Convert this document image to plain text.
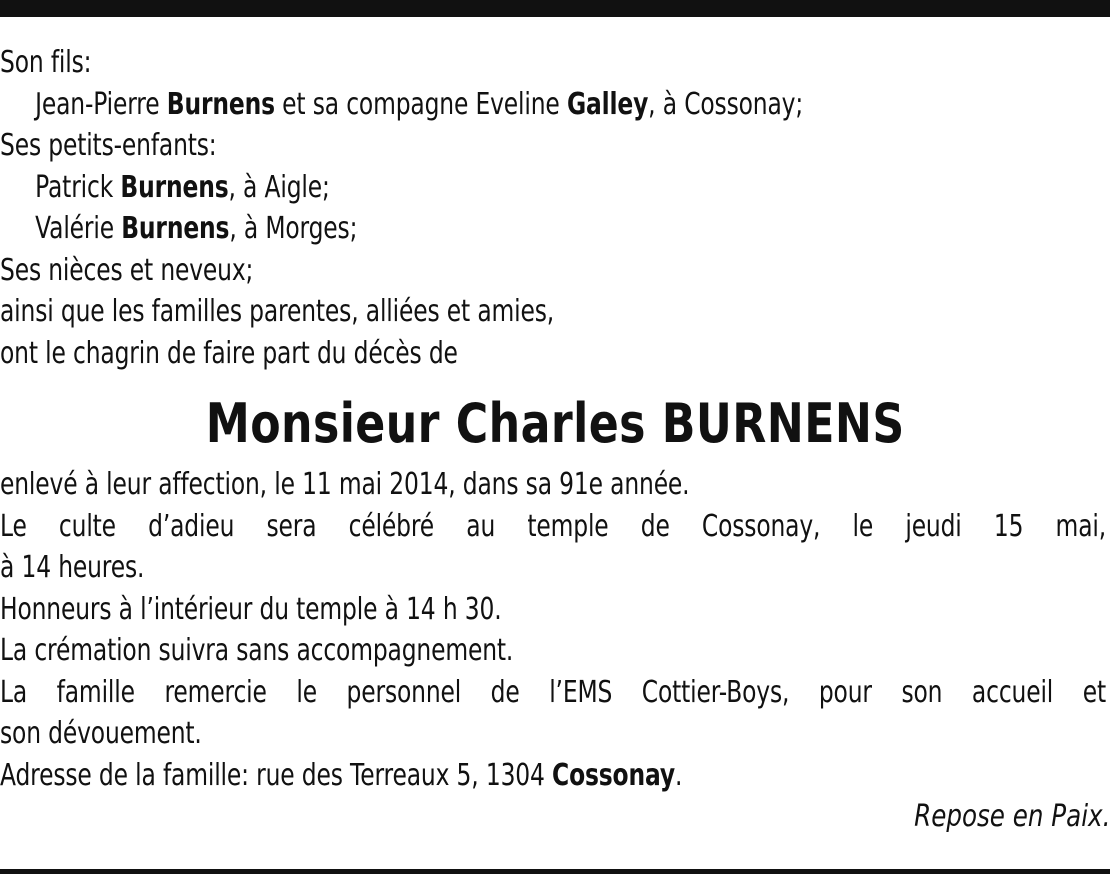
Son fils:
Jean-Pierre Burnens et sa compagne Eveline Galley, à Cossonay;
Ses petits-enfants:
Patrick Burnens, à Aigle;
Valérie Burnens, à Morges;
Ses nièces et neveux;
ainsi que les familles parentes, alliées et amies,
ont le chagrin de faire part du décès de
Monsieur Charles BURNENS
enlevé à leur affection, le 11 mai 2014, dans sa 91e année.
Le culte d’adieu sera célébré au temple de Cossonay, le jeudi 15 mai,
à 14 heures.
Honneurs à l’intérieur du temple à 14 h 30.
La crémation suivra sans accompagnement.
La famille remercie le personnel de l’EMS Cottier-Boys, pour son accueil et
son dévouement.
Adresse de la famille: rue des Terreaux 5, 1304 Cossonay.
Repose en Paix.
